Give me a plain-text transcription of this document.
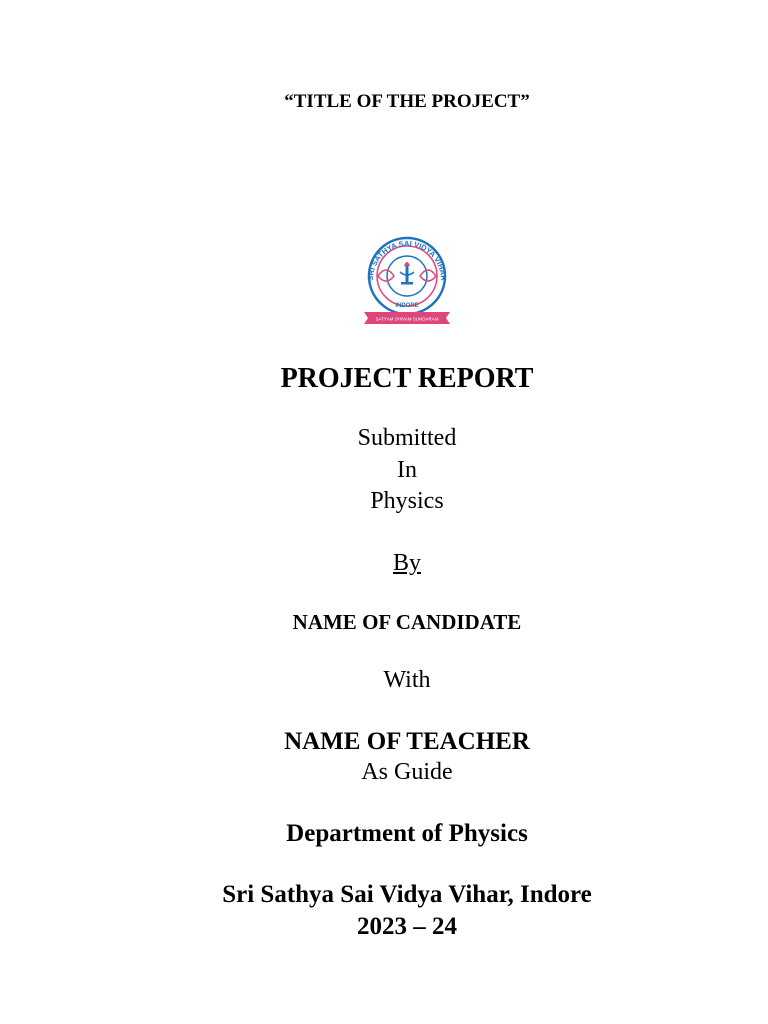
“TITLE OF THE PROJECT”
SRI SATHYA SAI VIDYA VIHAR
INDORE
SATYAM SHIVAM SUNDARAM
PROJECT REPORT
Submitted
In
Physics
By
NAME OF CANDIDATE
With
NAME OF TEACHER
As Guide
Department of Physics
Sri Sathya Sai Vidya Vihar, Indore
2023 – 24
